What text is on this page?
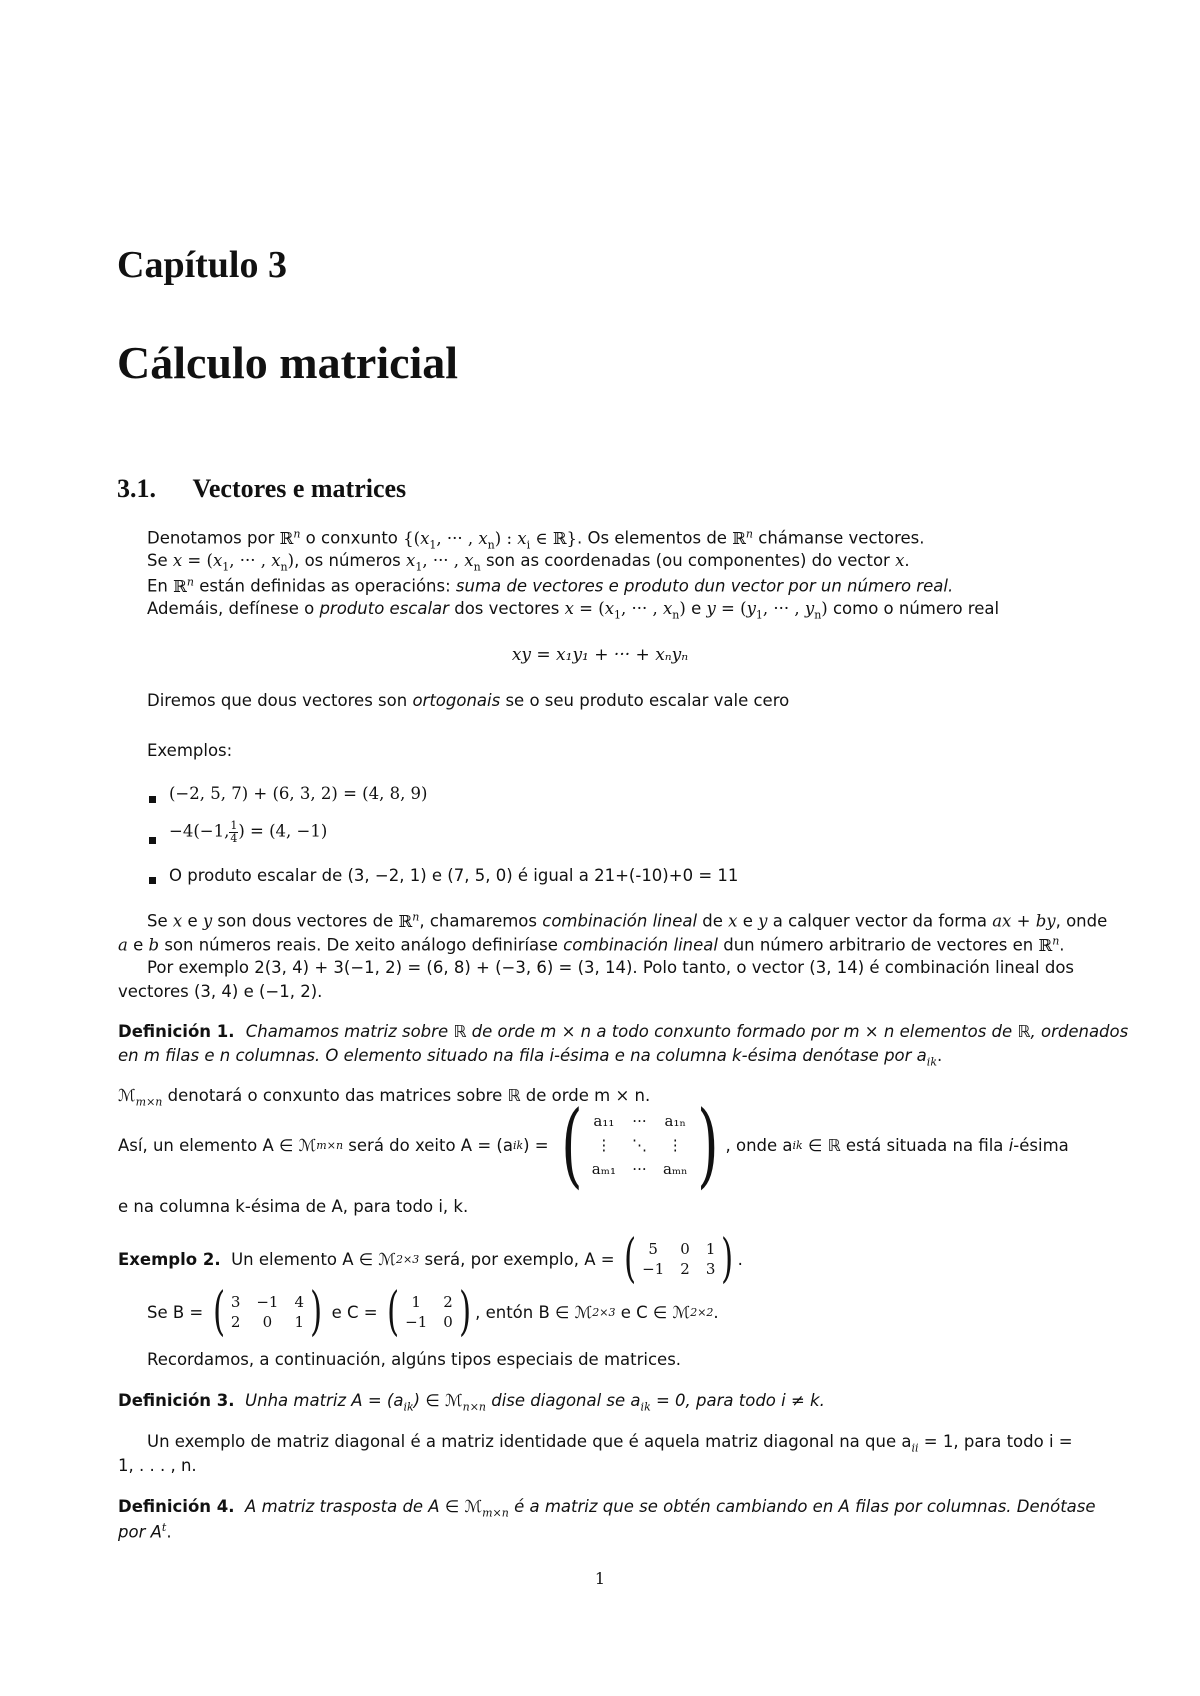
Capítulo 3
Cálculo matricial
3.1. Vectores e matrices
Denotamos por ℝ$^n$ o conxunto {($x_1$, ··· , $x_n$) : $x_i$ ∈ ℝ}. Os elementos de ℝ$^n$ chámanse vectores.
Se $x = (x_1$, ··· , $x_n$), os números $x_1$, ··· , $x_n$ son as coordenadas (ou componentes) do vector x.
En ℝ$^n$ están definidas as operacións: suma de vectores e produto dun vector por un número real.
Ademáis, defínese o produto escalar dos vectores $x = (x_1$, ··· , $x_n$) e $y = (y_1$, ··· , $y_n$) como o número real
xy = x₁y₁ + ··· + xₙyₙ
Diremos que dous vectores son ortogonais se o seu produto escalar vale cero
Exemplos:
(−2, 5, 7) + (6, 3, 2) = (4, 8, 9)
−4(−1, $\frac{1}{4}$ ) = (4, −1)
O produto escalar de (3, −2, 1) e (7, 5, 0) é igual a 21+(-10)+0 = 11
Se x e y son dous vectores de ℝ$^n$, chamaremos combinación lineal de x e y a calquer vector da forma ax + by, onde
a e b son números reais. De xeito análogo definiríase combinación lineal dun número arbitrario de vectores en ℝ$^n$.
Por exemplo 2(3, 4) + 3(−1, 2) = (6, 8) + (−3, 6) = (3, 14). Polo tanto, o vector (3, 14) é combinación lineal dos
vectores (3, 4) e (−1, 2).
Definición 1. Chamamos matriz sobre ℝ de orde m × n a todo conxunto formado por m × n elementos de ℝ, ordenados
en m filas e n columnas. O elemento situado na fila i-ésima e na columna k-ésima denótase por $a_{ik}$.
ℳ$_{m\times n}$ denotará o conxunto das matrices sobre ℝ de orde m × n.
Así, un elemento A ∈ ℳ m×n
será do xeito A = (a ik ) =
( a₁₁ ··· a₁ₙ
⋮	⋱	⋮
aₘ₁ ··· aₘₙ ) , onde a ik
∈ ℝ está situada na fila
i -ésima
e na columna k-ésima de A, para todo i, k.
Exemplo 2.
Un elemento A ∈ ℳ 2×3
será, por exemplo, A =
( 5	0 1
−1 2 3 ) .
Se B =
( 3 −1 4
2	0	1 )
e C =
( 1	2
−1 0 ) , entón B ∈ ℳ 2×3
e C ∈ ℳ 2×2 .
Recordamos, a continuación, algúns tipos especiais de matrices.
Definición 3. Unha matriz $A = (a_{ik})$ ∈ ℳ$_{n\times n}$ dise diagonal se $a_{ik} = 0$, para todo i ≠ k.
Un exemplo de matriz diagonal é a matriz identidade que é aquela matriz diagonal na que $a_{ii} = 1$, para todo i =
1, . . . , n.
Definición 4. A matriz trasposta de A ∈ ℳ$_{m\times n}$ é a matriz que se obtén cambiando en A filas por columnas. Denótase
por $A^t$.
1
